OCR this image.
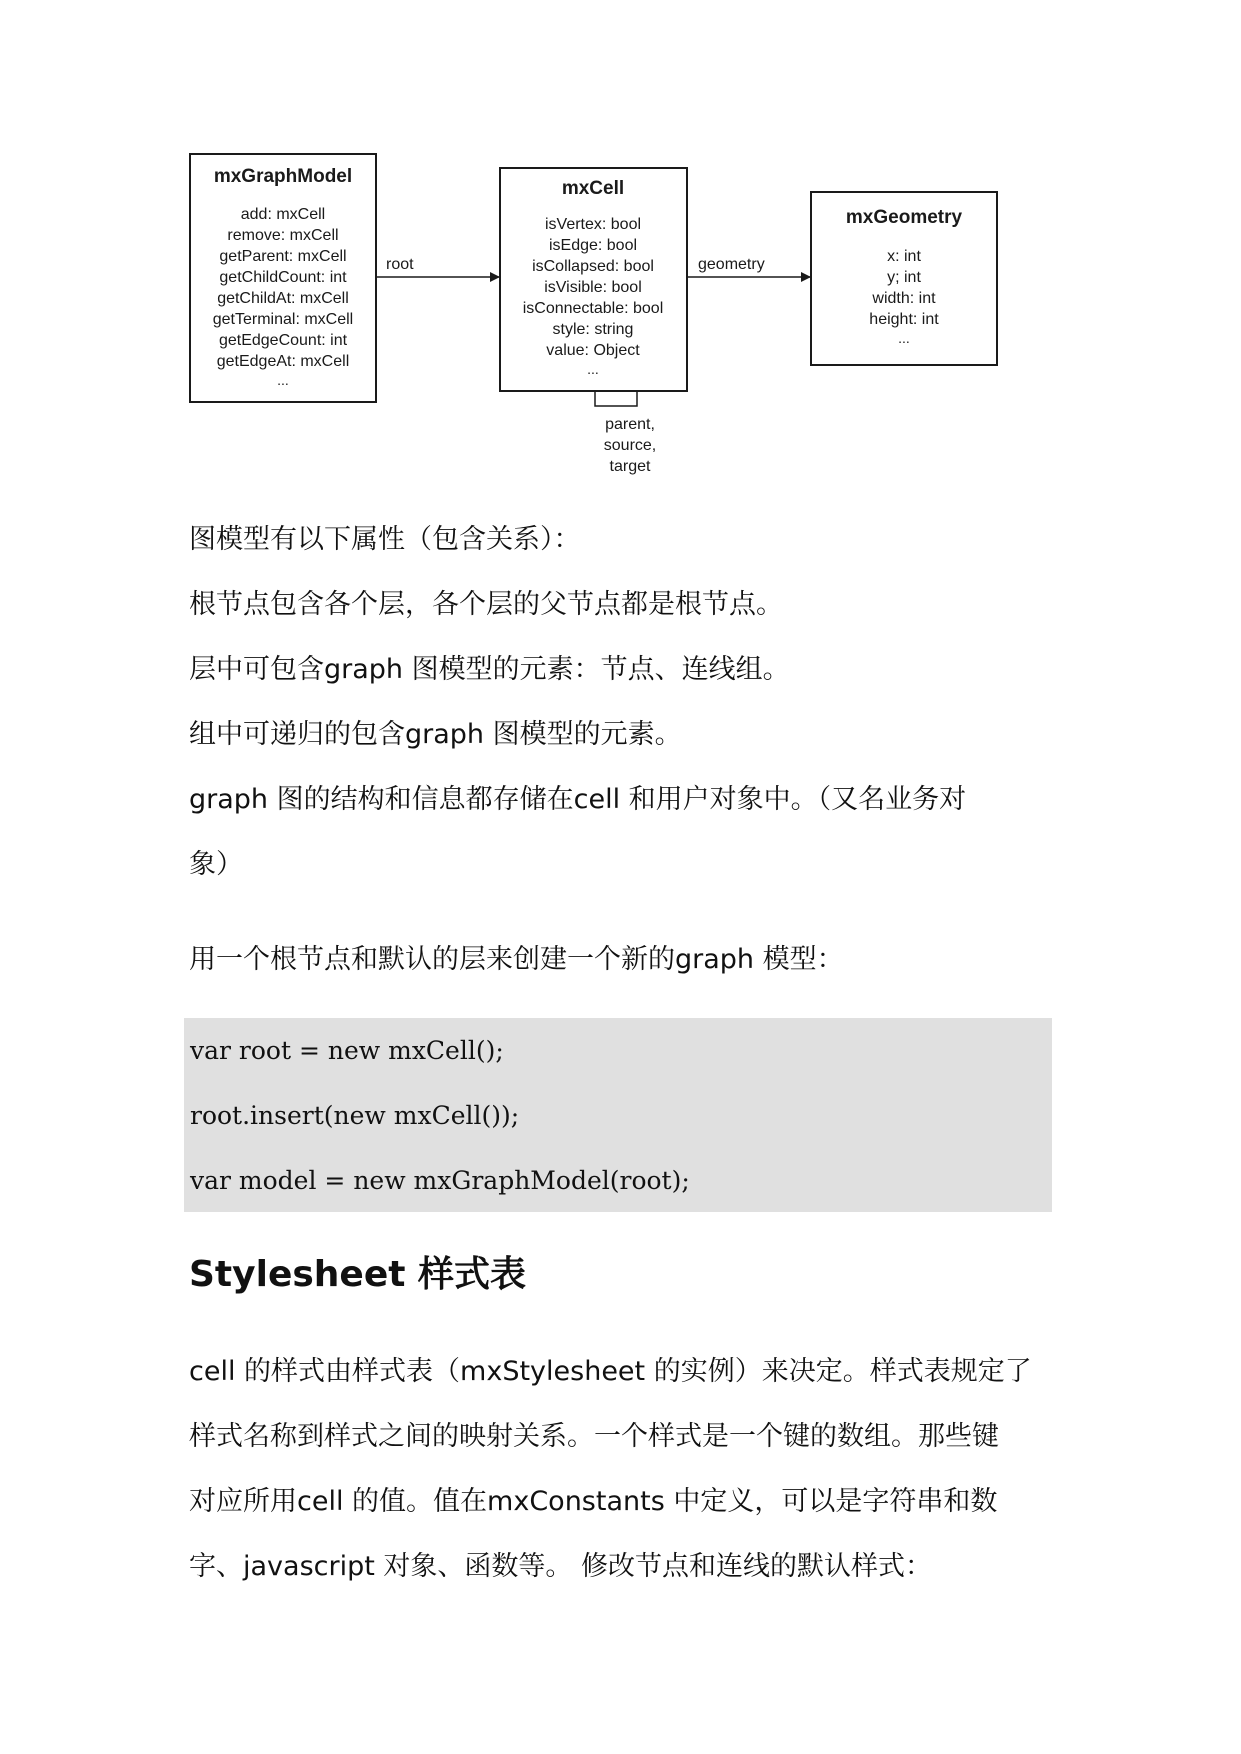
mxGraphModel
add: mxCell
remove: mxCell
getParent: mxCell
getChildCount: int
getChildAt: mxCell
getTerminal: mxCell
getEdgeCount: int
getEdgeAt: mxCell
...
root
mxCell
isVertex: bool
isEdge: bool
isCollapsed: bool
isVisible: bool
isConnectable: bool
style: string
value: Object
...
parent,
source,
target
geometry
mxGeometry
x: int
y; int
width: int
height: int
...
图模型有以下属性（包含关系）：
根节点包含各个层，各个层的父节点都是根节点。
层中可包含graph 图模型的元素：节点、连线组。
组中可递归的包含graph 图模型的元素。
graph 图的结构和信息都存储在cell 和用户对象中。（又名业务对
象）
用一个根节点和默认的层来创建一个新的graph 模型：
var root = new mxCell();
root.insert(new mxCell());
var model = new mxGraphModel(root);
Stylesheet 样式表
cell 的样式由样式表（mxStylesheet 的实例）来决定。样式表规定了
样式名称到样式之间的映射关系。一个样式是一个键的数组。那些键
对应所用cell 的值。值在mxConstants 中定义，可以是字符串和数
字、javascript 对象、函数等。 修改节点和连线的默认样式：
